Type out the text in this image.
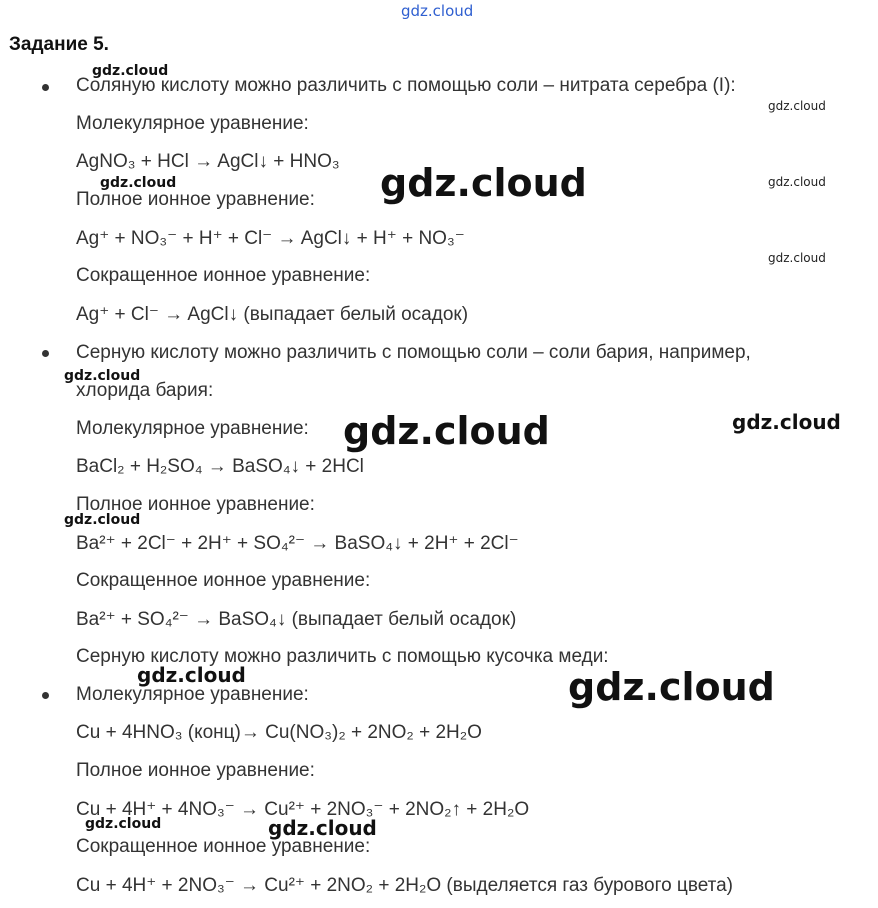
gdz.cloud
Задание 5.
Соляную кислоту можно различить с помощью соли – нитрата серебра (I):
Молекулярное уравнение:
AgNO₃ + HCl → AgCl↓ + HNO₃
Полное ионное уравнение:
Ag⁺ + NO₃⁻ + H⁺ + Cl⁻ → AgCl↓ + H⁺ + NO₃⁻
Сокращенное ионное уравнение:
Ag⁺ + Cl⁻ → AgCl↓ (выпадает белый осадок)
Серную кислоту можно различить с помощью соли – соли бария, например,
хлорида бария:
Молекулярное уравнение:
BaCl₂ + H₂SO₄ → BaSO₄↓ + 2HCl
Полное ионное уравнение:
Ba²⁺ + 2Cl⁻ + 2H⁺ + SO₄²⁻ → BaSO₄↓ + 2H⁺ + 2Cl⁻
Сокращенное ионное уравнение:
Ba²⁺ + SO₄²⁻ → BaSO₄↓ (выпадает белый осадок)
Серную кислоту можно различить с помощью кусочка меди:
Молекулярное уравнение:
Cu + 4HNO₃ (конц)→ Cu(NO₃)₂ + 2NO₂ + 2H₂O
Полное ионное уравнение:
Cu + 4H⁺ + 4NO₃⁻ → Cu²⁺ + 2NO₃⁻ + 2NO₂↑ + 2H₂O
Сокращенное ионное уравнение:
Cu + 4H⁺ + 2NO₃⁻ → Cu²⁺ + 2NO₂ + 2H₂O (выделяется газ бурового цвета)
gdz.cloud
gdz.cloud
gdz.cloud	gdz.cloud	gdz.cloud
gdz.cloud
gdz.cloud
gdz.cloud	gdz.cloud
gdz.cloud
gdz.cloud	gdz.cloud
gdz.cloud	gdz.cloud
